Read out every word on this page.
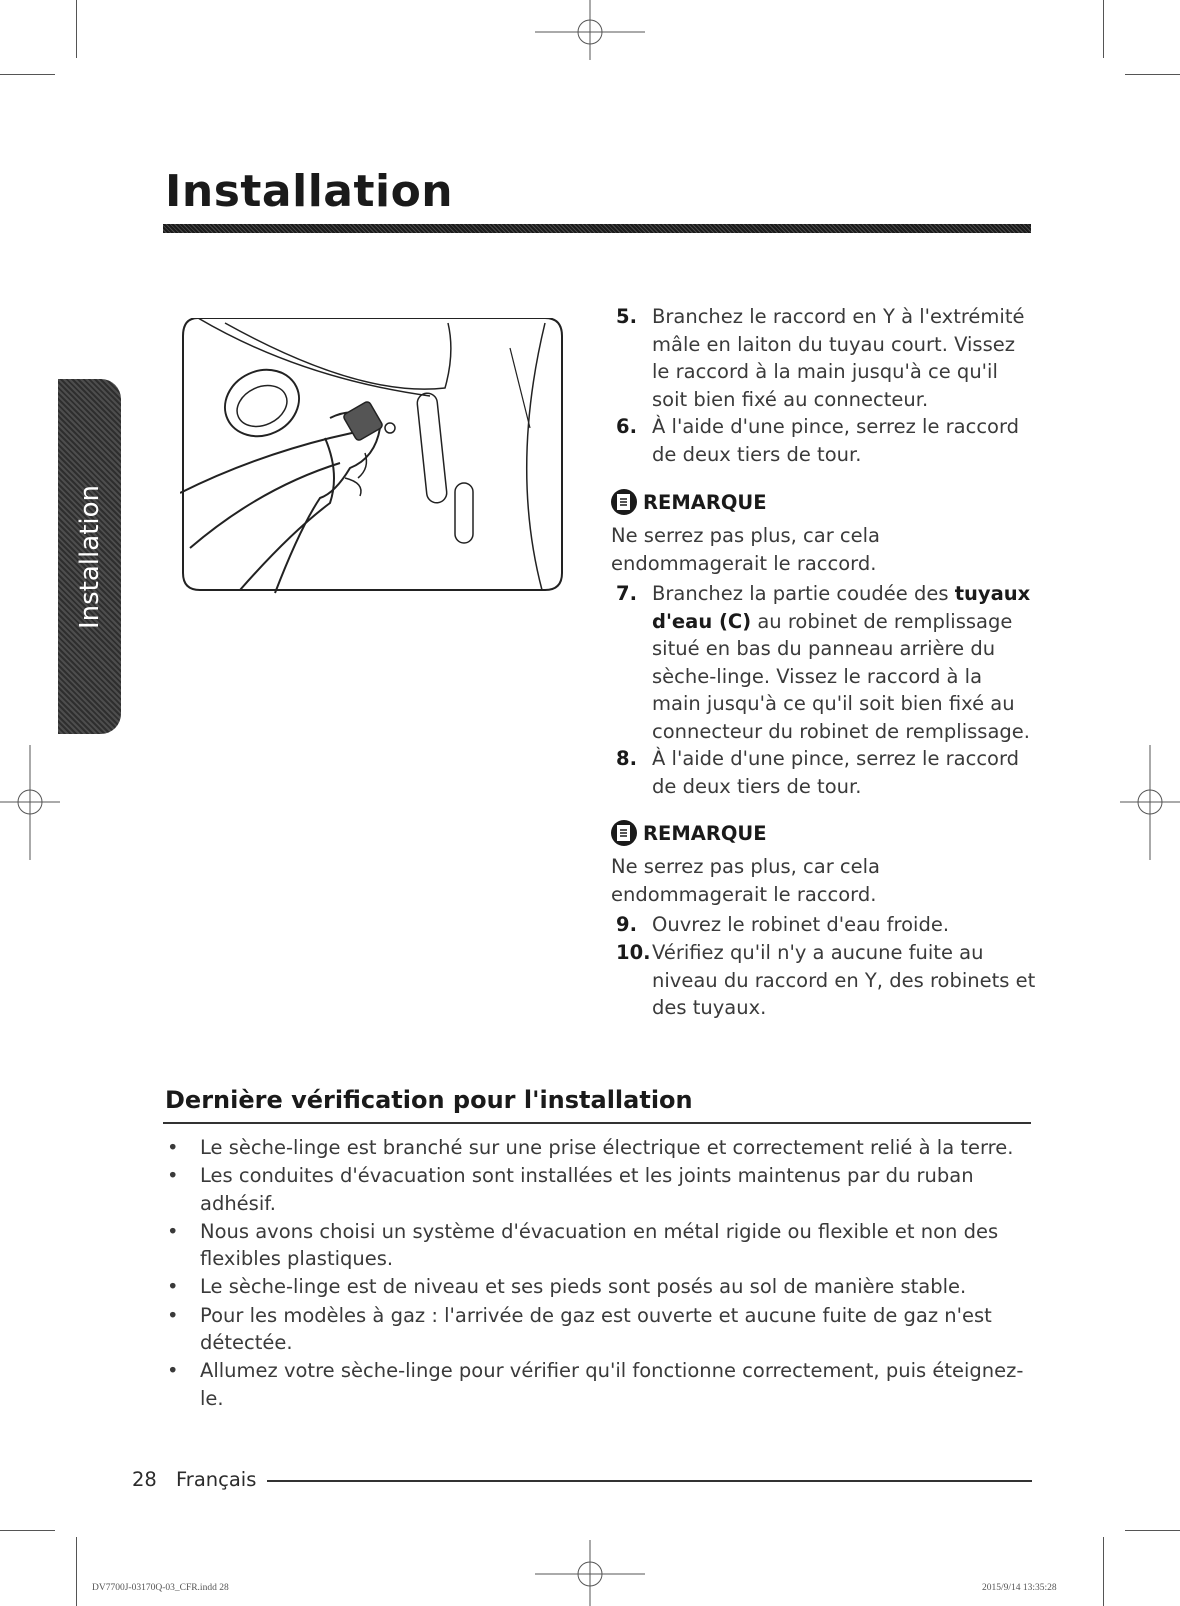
Installation
Installation
5. Branchez le raccord en Y à l'extrémité mâle en laiton du tuyau court. Vissez le raccord à la main jusqu'à ce qu'il soit bien fixé au connecteur.
6. À l'aide d'une pince, serrez le raccord de deux tiers de tour.
REMARQUE
Ne serrez pas plus, car cela endommagerait le raccord.
7. Branchez la partie coudée des tuyaux d'eau (C) au robinet de remplissage situé en bas du panneau arrière du sèche-linge. Vissez le raccord à la main jusqu'à ce qu'il soit bien fixé au connecteur du robinet de remplissage.
8. À l'aide d'une pince, serrez le raccord de deux tiers de tour.
REMARQUE
Ne serrez pas plus, car cela endommagerait le raccord.
9. Ouvrez le robinet d'eau froide.
10. Vérifiez qu'il n'y a aucune fuite au niveau du raccord en Y, des robinets et des tuyaux.
Dernière vérification pour l'installation
• Le sèche-linge est branché sur une prise électrique et correctement relié à la terre.
• Les conduites d'évacuation sont installées et les joints maintenus par du ruban adhésif.
• Nous avons choisi un système d'évacuation en métal rigide ou flexible et non des flexibles plastiques.
• Le sèche-linge est de niveau et ses pieds sont posés au sol de manière stable.
• Pour les modèles à gaz : l'arrivée de gaz est ouverte et aucune fuite de gaz n'est détectée.
• Allumez votre sèche-linge pour vérifier qu'il fonctionne correctement, puis éteignez-le.
28 Français
DV7700J-03170Q-03_CFR.indd 28	2015/9/14 13:35:28
